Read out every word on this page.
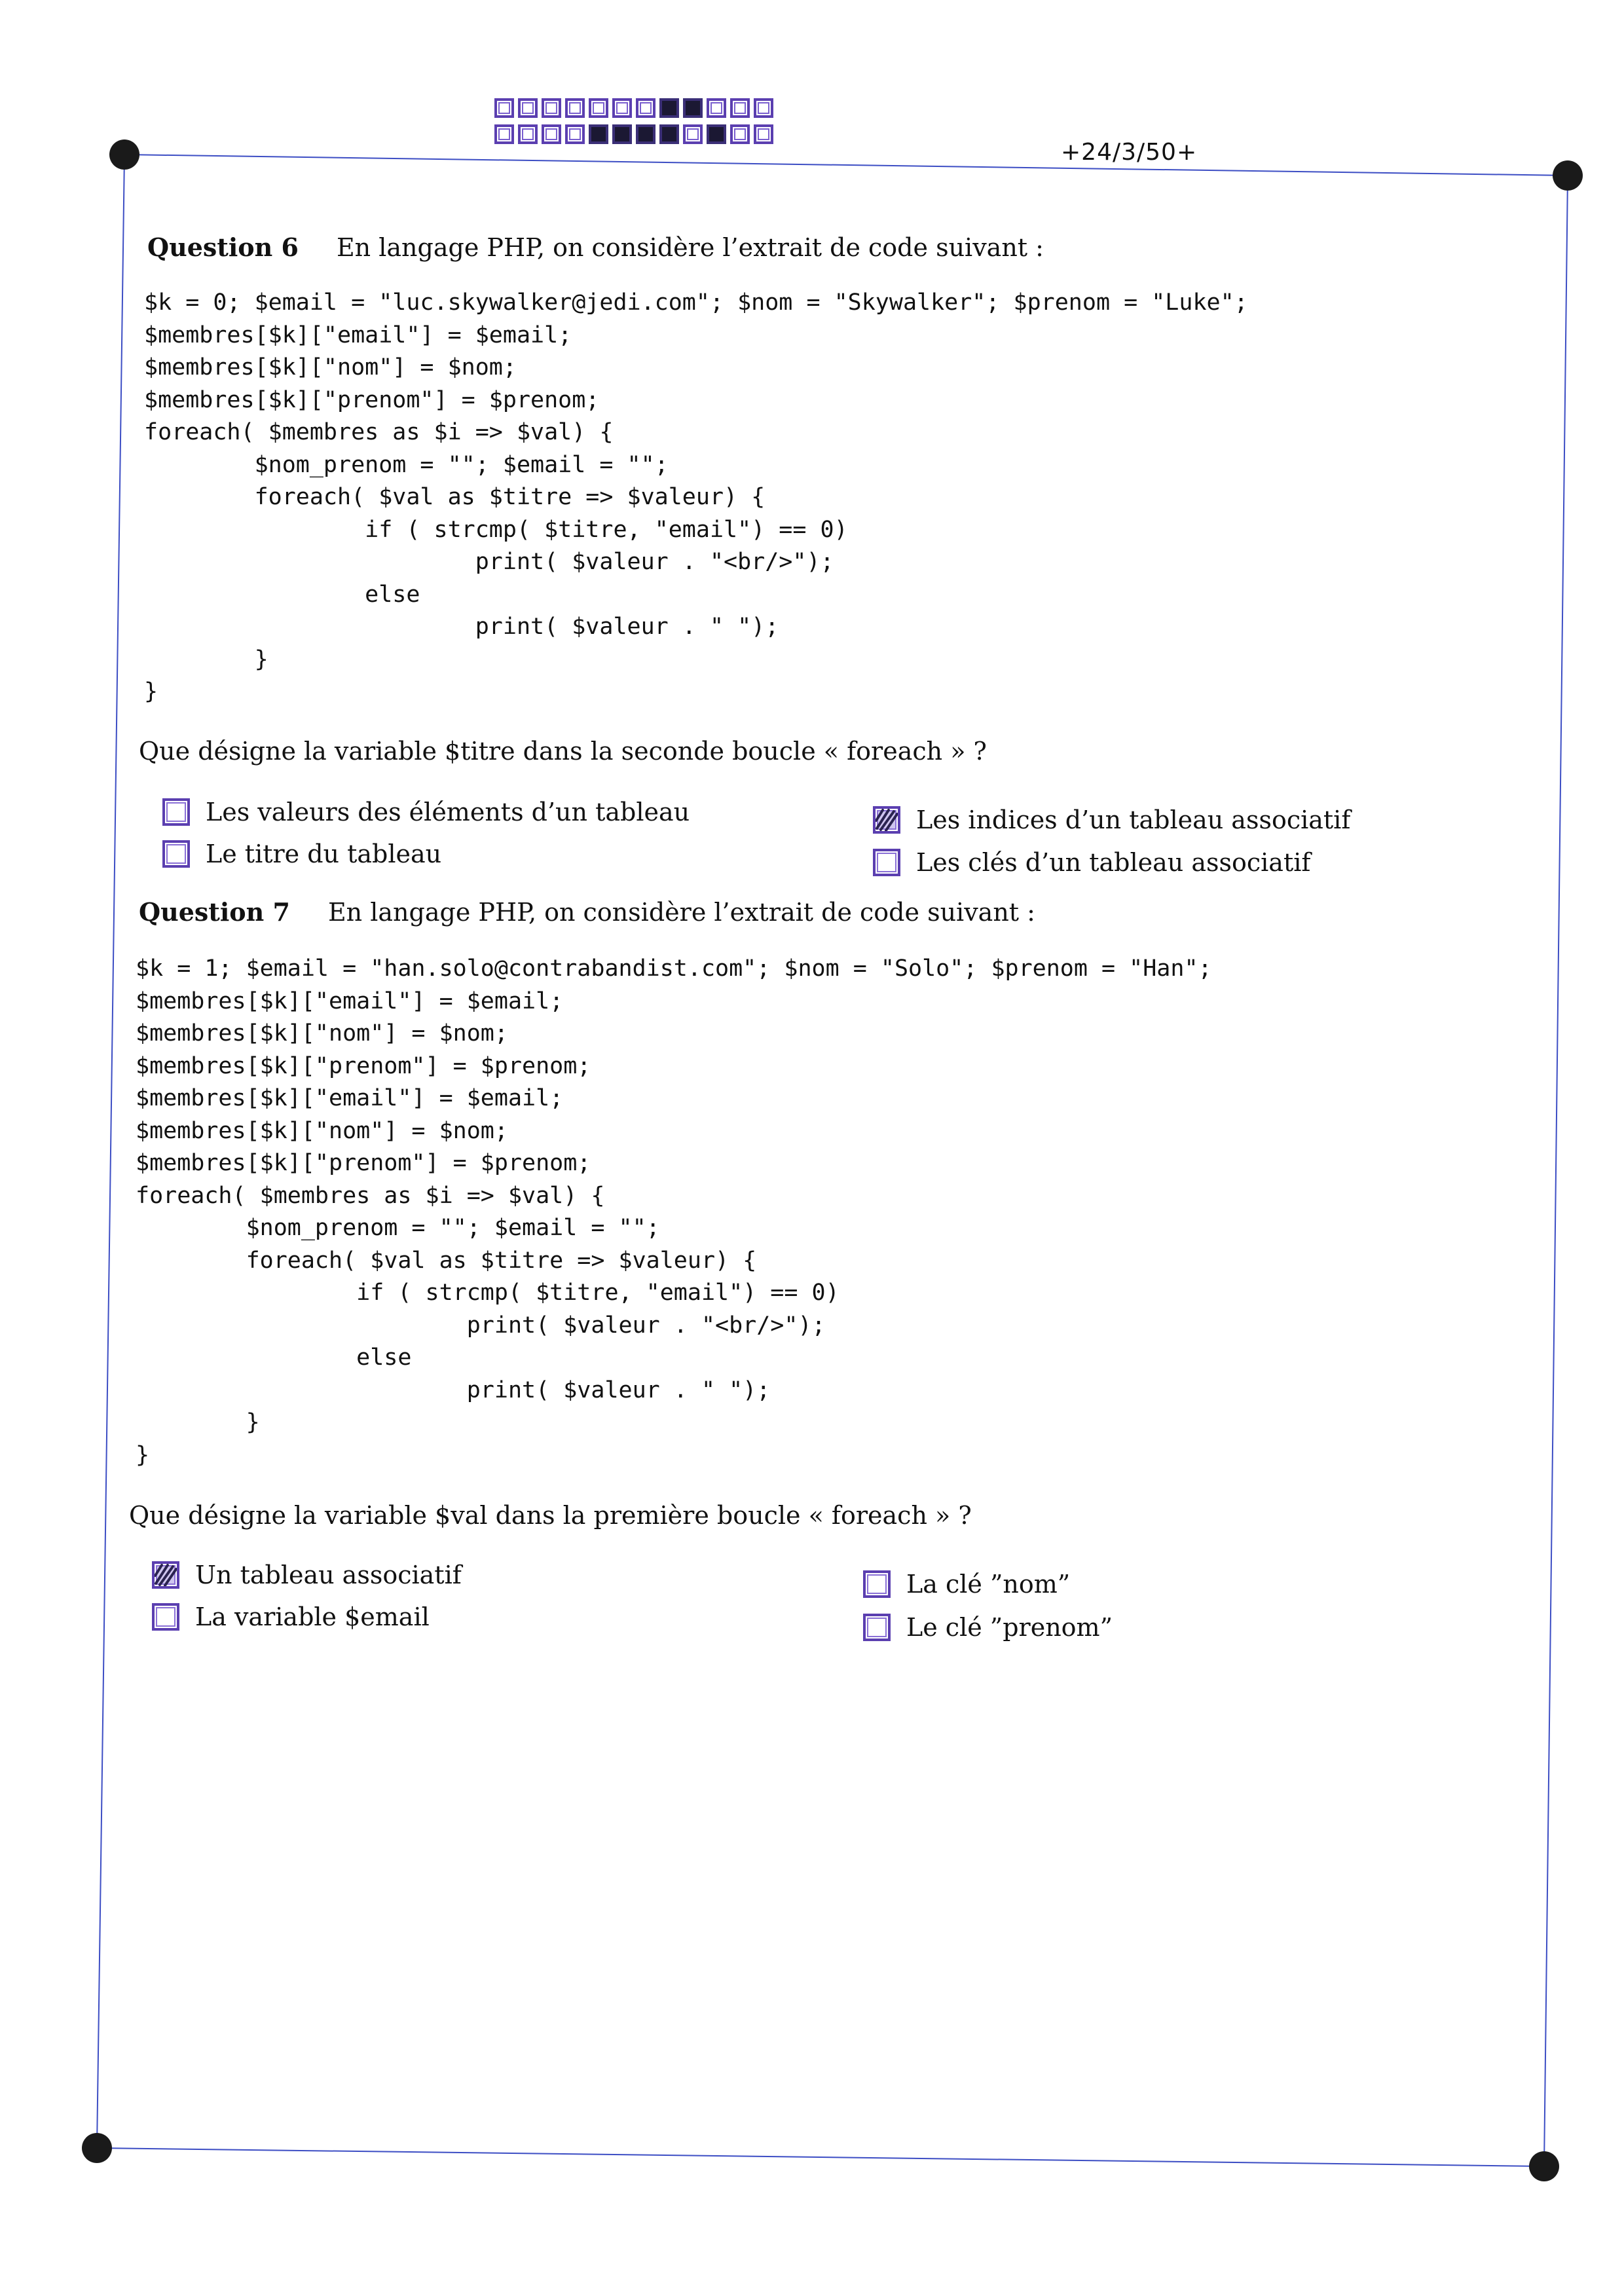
+24/3/50+
Question 6 En langage PHP, on considère l’extrait de code suivant :
$k = 0; $email = "luc.skywalker@jedi.com"; $nom = "Skywalker"; $prenom = "Luke";
$membres[$k]["email"] = $email;
$membres[$k]["nom"] = $nom;
$membres[$k]["prenom"] = $prenom;
foreach( $membres as $i => $val) {
$nom_prenom = ""; $email = "";
foreach( $val as $titre => $valeur) {
if ( strcmp( $titre, "email") == 0)
print( $valeur . "<br/>");
else
print( $valeur . " ");
}
}
Que désigne la variable $titre dans la seconde boucle « foreach » ?
Les valeurs des éléments d’un tableau
Le titre du tableau
Les indices d’un tableau associatif
Les clés d’un tableau associatif
Question 7 En langage PHP, on considère l’extrait de code suivant :
$k = 1; $email = "han.solo@contrabandist.com"; $nom = "Solo"; $prenom = "Han";
$membres[$k]["email"] = $email;
$membres[$k]["nom"] = $nom;
$membres[$k]["prenom"] = $prenom;
$membres[$k]["email"] = $email;
$membres[$k]["nom"] = $nom;
$membres[$k]["prenom"] = $prenom;
foreach( $membres as $i => $val) {
$nom_prenom = ""; $email = "";
foreach( $val as $titre => $valeur) {
if ( strcmp( $titre, "email") == 0)
print( $valeur . "<br/>");
else
print( $valeur . " ");
}
}
Que désigne la variable $val dans la première boucle « foreach » ?
Un tableau associatif
La variable $email
La clé ”nom”
Le clé ”prenom”
